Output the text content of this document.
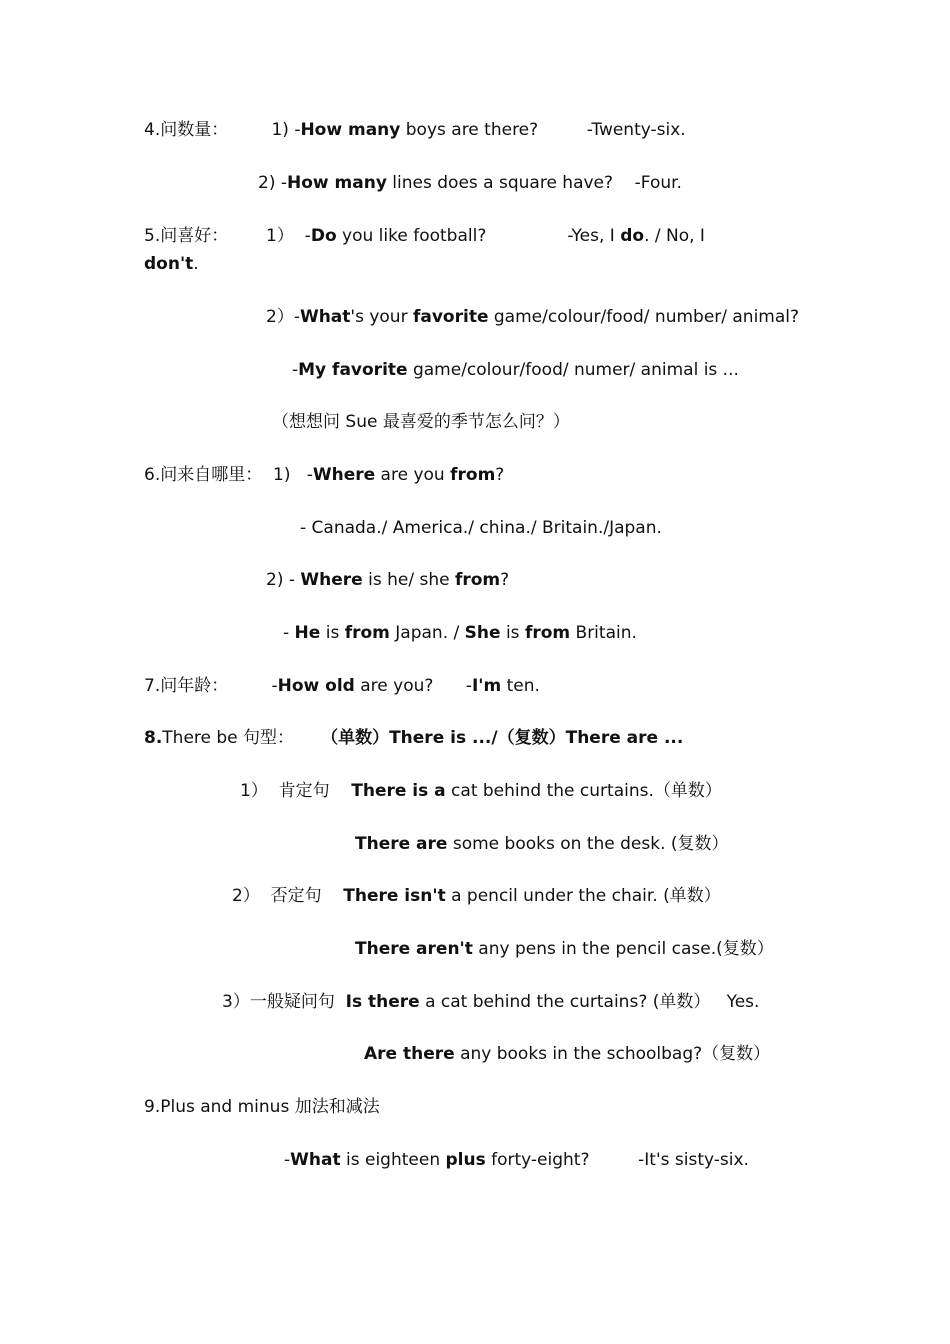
4.问数量：        1) -How many boys are there?         -Twenty-six.
2) -How many lines does a square have?    -Four.
5.问喜好：       1）  -Do you like football?               -Yes, I do. / No, I
don't.
2）-What's your favorite game/colour/food/ number/ animal?
-My favorite game/colour/food/ numer/ animal is ...
（想想问 Sue 最喜爱的季节怎么问？）
6.问来自哪里：  1)   -Where are you from?
- Canada./ America./ china./ Britain./Japan.
2) - Where is he/ she from?
- He is from Japan. / She is from Britain.
7.问年龄：        -How old are you?      -I'm ten.
8.There be 句型： （单数）There is .../（复数）There are ...
1）  肯定句 There is a cat behind the curtains.（单数）
There are some books on the desk. (复数）
2）  否定句 There isn't a pencil under the chair. (单数）
There aren't any pens in the pencil case.(复数）
3）一般疑问句 Is there a cat behind the curtains? (单数）   Yes.
Are there any books in the schoolbag?（复数）
9.Plus and minus 加法和减法
-What is eighteen plus forty-eight?         -It's sisty-six.
